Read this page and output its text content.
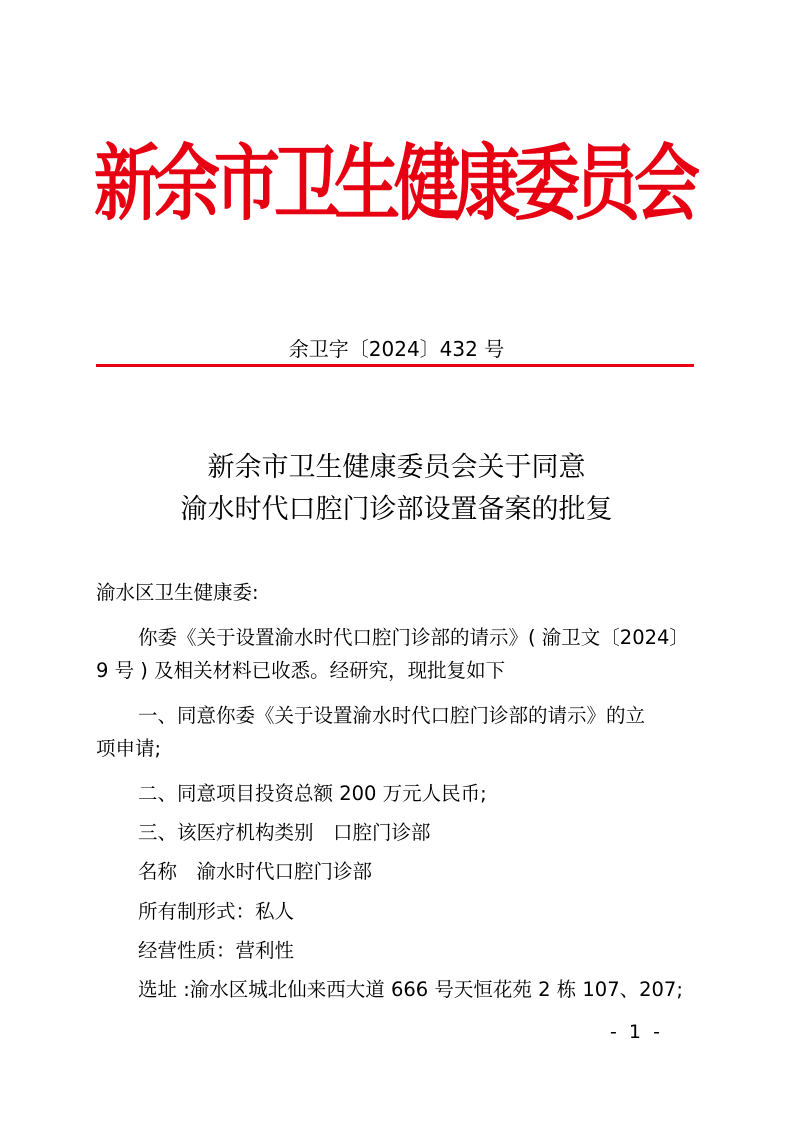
新余市卫生健康委员会
余卫字〔2024〕432 号
新余市卫生健康委员会关于同意
渝水时代口腔门诊部设置备案的批复
渝水区卫生健康委:
你委《关于设置渝水时代口腔门诊部的请示》( 渝卫文〔2024〕
9 号 ) 及相关材料已收悉。经研究，现批复如下
一、同意你委《关于设置渝水时代口腔门诊部的请示》的立
项申请;
二、同意项目投资总额 200 万元人民币;
三、该医疗机构类别　口腔门诊部
名称　渝水时代口腔门诊部
所有制形式：私人
经营性质：营利性
选址 :渝水区城北仙来西大道 666 号天恒花苑 2 栋 107、207;
-  1  -
